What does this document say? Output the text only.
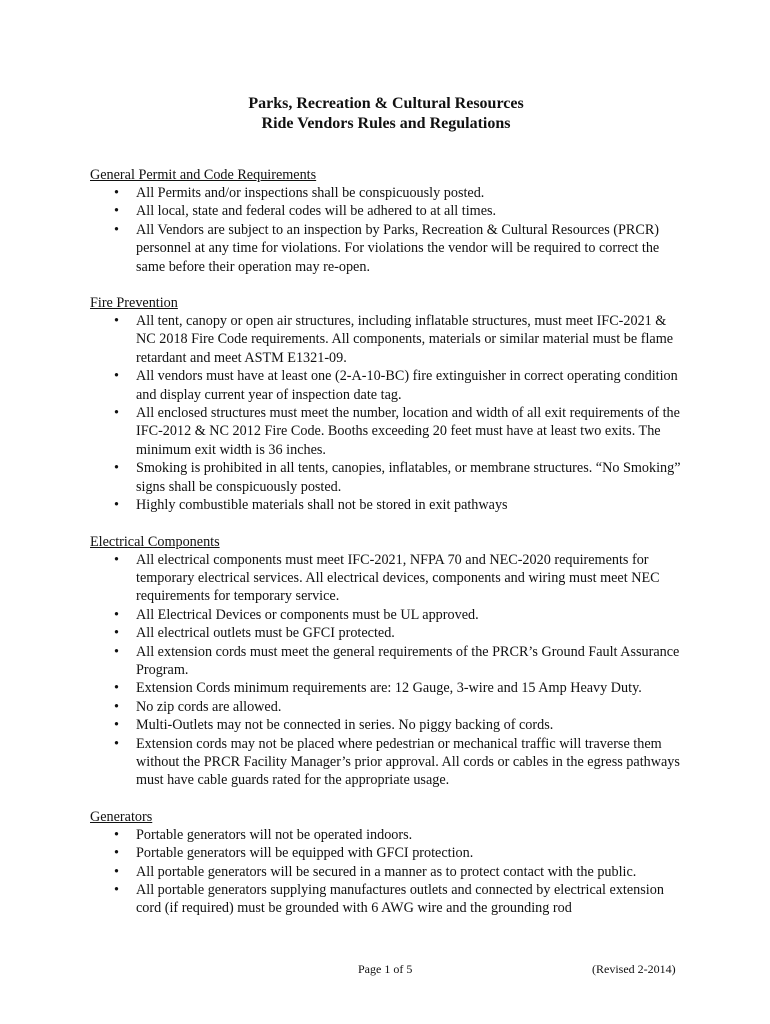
Parks, Recreation & Cultural Resources

Ride Vendors Rules and Regulations

General Permit and Code Requirements

• All Permits and/or inspections shall be conspicuously posted.
• All local, state and federal codes will be adhered to at all times.
• All Vendors are subject to an inspection by Parks, Recreation & Cultural Resources (PRCR) personnel at any time for violations. For violations the vendor will be required to correct the same before their operation may re-open.

Fire Prevention

• All tent, canopy or open air structures, including inflatable structures, must meet IFC-2021 & NC 2018 Fire Code requirements. All components, materials or similar material must be flame retardant and meet ASTM E1321-09.
• All vendors must have at least one (2-A-10-BC) fire extinguisher in correct operating condition and display current year of inspection date tag.
• All enclosed structures must meet the number, location and width of all exit requirements of the IFC-2012 & NC 2012 Fire Code. Booths exceeding 20 feet must have at least two exits. The minimum exit width is 36 inches.
• Smoking is prohibited in all tents, canopies, inflatables, or membrane structures. “No Smoking” signs shall be conspicuously posted.
• Highly combustible materials shall not be stored in exit pathways

Electrical Components

• All electrical components must meet IFC-2021, NFPA 70 and NEC-2020 requirements for temporary electrical services. All electrical devices, components and wiring must meet NEC requirements for temporary service.
• All Electrical Devices or components must be UL approved.
• All electrical outlets must be GFCI protected.
• All extension cords must meet the general requirements of the PRCR’s Ground Fault Assurance Program.
• Extension Cords minimum requirements are: 12 Gauge, 3-wire and 15 Amp Heavy Duty.
• No zip cords are allowed.
• Multi-Outlets may not be connected in series. No piggy backing of cords.
• Extension cords may not be placed where pedestrian or mechanical traffic will traverse them without the PRCR Facility Manager’s prior approval. All cords or cables in the egress pathways must have cable guards rated for the appropriate usage.

Generators

• Portable generators will not be operated indoors.
• Portable generators will be equipped with GFCI protection.
• All portable generators will be secured in a manner as to protect contact with the public.
• All portable generators supplying manufactures outlets and connected by electrical extension cord (if required) must be grounded with 6 AWG wire and the grounding rod
Page 1 of 5	(Revised 2-2014)
